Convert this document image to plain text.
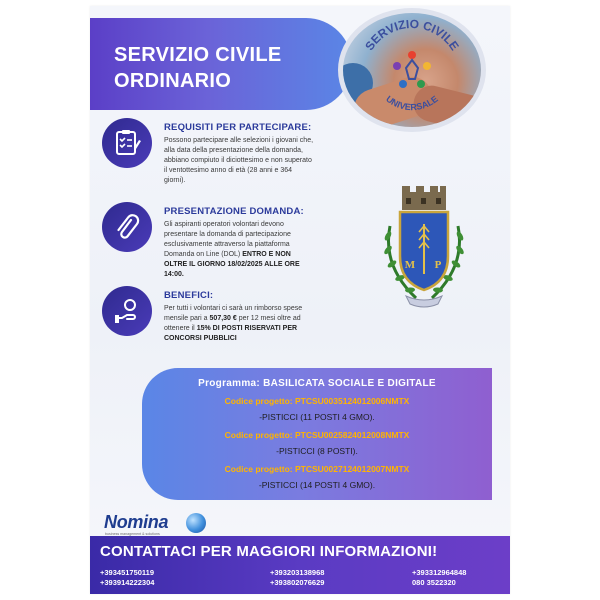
SERVIZIO CIVILE
ORDINARIO
SERVIZIO CIVILE
UNIVERSALE
REQUISITI PER PARTECIPARE:
Possono partecipare alle selezioni i giovani che, alla data della presentazione della domanda, abbiano compiuto il diciottesimo e non superato il ventottesimo anno di età (28 anni e 364 giorni).
PRESENTAZIONE DOMANDA:
Gli aspiranti operatori volontari devono presentare la domanda di partecipazione esclusivamente attraverso la piattaforma Domanda on Line (DOL) ENTRO E NON OLTRE IL GIORNO 18/02/2025 ALLE ORE 14:00.
BENEFICI:
Per tutti i volontari ci sarà un rimborso spese mensile pari a 507,30 € per 12 mesi oltre ad ottenere il 15% DI POSTI RISERVATI PER CONCORSI PUBBLICI
M P
Programma: BASILICATA SOCIALE E DIGITALE
Codice progetto: PTCSU0035124012006NMTX
-PISTICCI (11 POSTI 4 GMO).
Codice progetto: PTCSU0025824012008NMTX
-PISTICCI (8 POSTI).
Codice progetto: PTCSU0027124012007NMTX
-PISTICCI (14 POSTI 4 GMO).
Nomina
business management & solutions
CONTATTACI PER MAGGIORI INFORMAZIONI!
+393451750119
+393914222304
+393203138968
+393802076629
+393312964848
080 3522320
